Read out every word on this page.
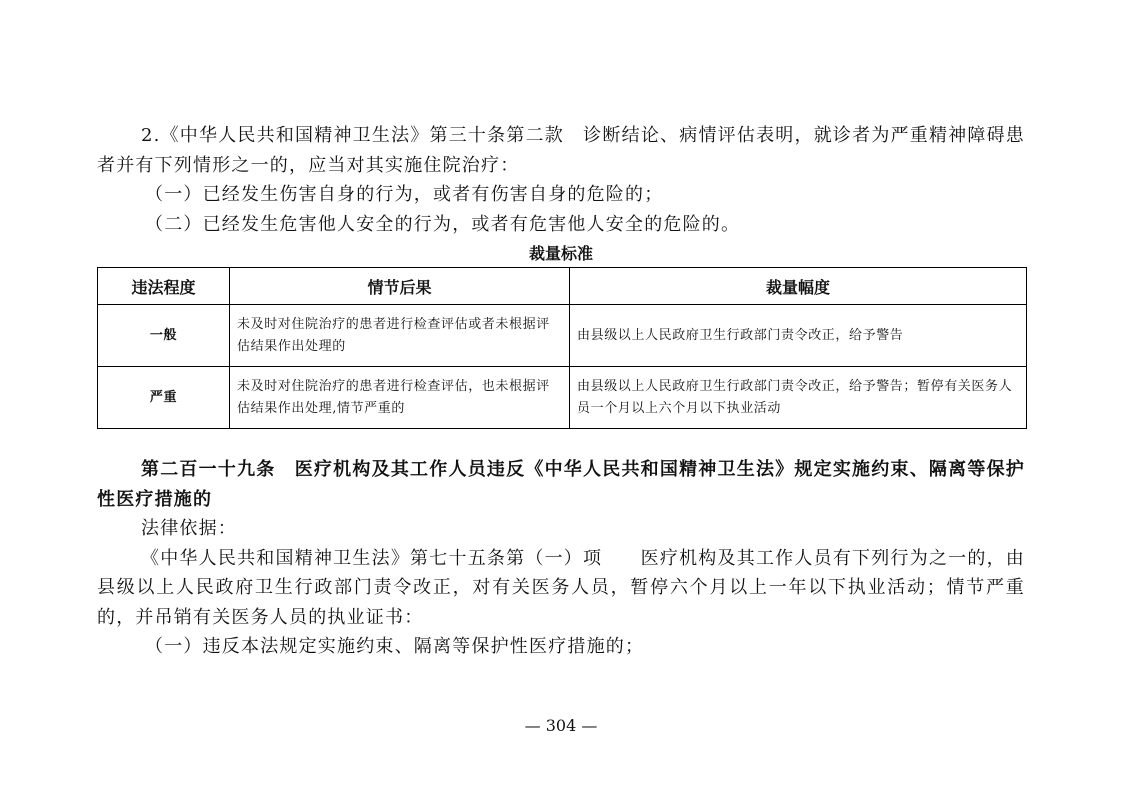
2.《中华人民共和国精神卫生法》第三十条第二款　诊断结论、病情评估表明，就诊者为严重精神障碍患者并有下列情形之一的，应当对其实施住院治疗：

（一）已经发生伤害自身的行为，或者有伤害自身的危险的；

（二）已经发生危害他人安全的行为，或者有危害他人安全的危险的。

裁量标准
违法程度	情节后果	裁量幅度
一般	未及时对住院治疗的患者进行检查评估或者未根据评估结果作出处理的	由县级以上人民政府卫生行政部门责令改正，给予警告
严重	未及时对住院治疗的患者进行检查评估，也未根据评估结果作出处理,情节严重的	由县级以上人民政府卫生行政部门责令改正，给予警告；暂停有关医务人员一个月以上六个月以下执业活动

第二百一十九条　医疗机构及其工作人员违反《中华人民共和国精神卫生法》规定实施约束、隔离等保护性医疗措施的

法律依据：

《中华人民共和国精神卫生法》第七十五条第（一）项　　医疗机构及其工作人员有下列行为之一的，由县级以上人民政府卫生行政部门责令改正，对有关医务人员，暂停六个月以上一年以下执业活动；情节严重的，并吊销有关医务人员的执业证书：

（一）违反本法规定实施约束、隔离等保护性医疗措施的；

— 304 —
